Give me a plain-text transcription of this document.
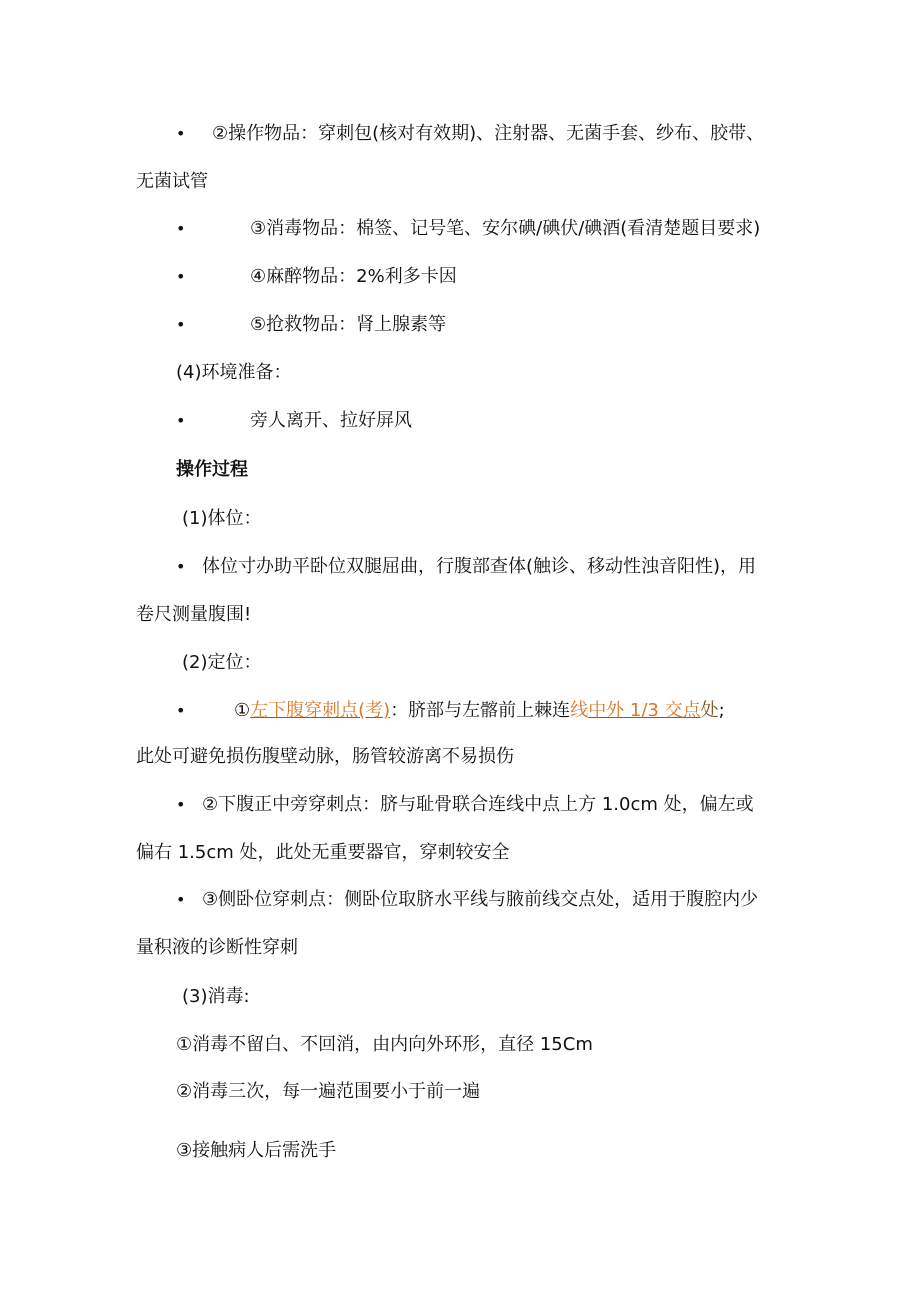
•
•
•
•
•
•
•
•
•
②操作物品：穿刺包(核对有效期)、注射器、无菌手套、纱布、胶带、
无菌试管
③消毒物品：棉签、记号笔、安尔碘/碘伏/碘酒(看清楚题目要求)
④麻醉物品：2%利多卡因
⑤抢救物品：肾上腺素等
(4)环境准备：
旁人离开、拉好屏风
操作过程
(1)体位：
体位寸办助平卧位双腿屈曲，行腹部查体(触诊、移动性浊音阳性)，用
卷尺测量腹围!
(2)定位：
①左下腹穿刺点(考)：脐部与左髂前上棘连线中外 1/3 交点处;
此处可避免损伤腹壁动脉，肠管较游离不易损伤
②下腹正中旁穿刺点：脐与耻骨联合连线中点上方 1.0cm 处，偏左或
偏右 1.5cm 处，此处无重要器官，穿刺较安全
③侧卧位穿刺点：侧卧位取脐水平线与腋前线交点处，适用于腹腔内少
量积液的诊断性穿刺
(3)消毒:
①消毒不留白、不回消，由内向外环形，直径 15Cm
②消毒三次，每一遍范围要小于前一遍
③接触病人后需洗手
